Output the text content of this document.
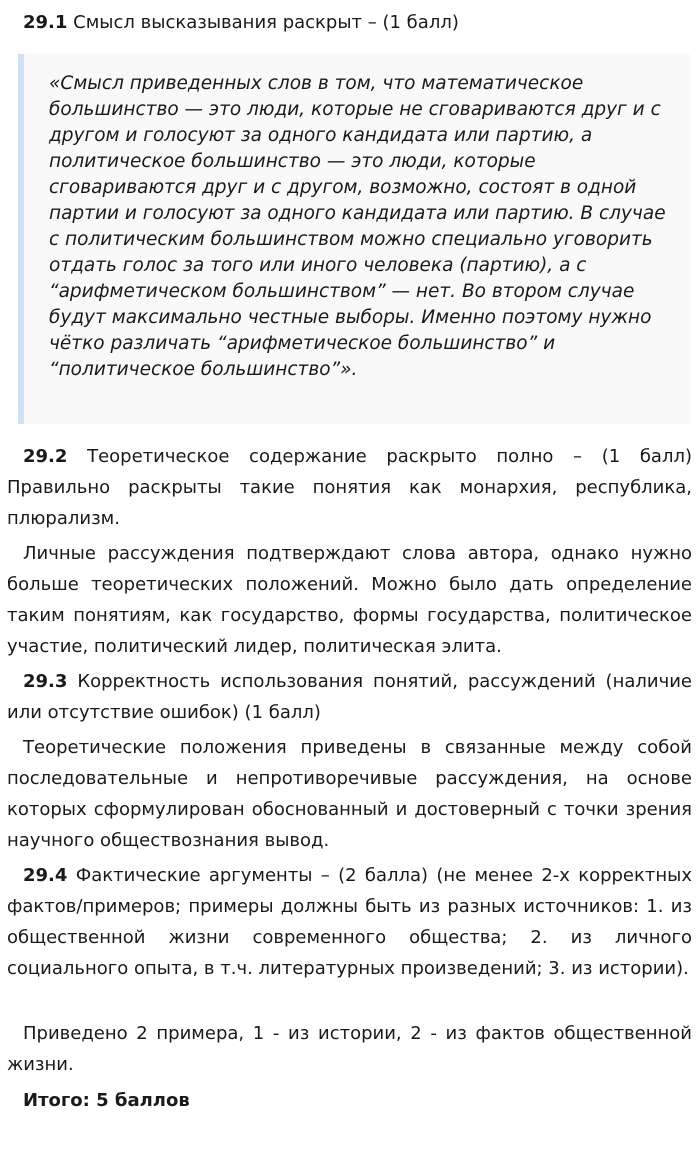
29.1 Смысл высказывания раскрыт – (1 балл)

«Смысл приведенных слов в том, что математическое большинство — это люди, которые не сговариваются друг и с другом и голосуют за одного кандидата или партию, а политическое большинство — это люди, которые сговариваются друг и с другом, возможно, состоят в одной партии и голосуют за одного кандидата или партию. В случае с политическим большинством можно специально уговорить отдать голос за того или иного человека (партию), а с “арифметическом большинством” — нет. Во втором случае будут максимально честные выборы. Именно поэтому нужно чётко различать “арифметическое большинство” и “политическое большинство”».

29.2 Теоретическое содержание раскрыто полно – (1 балл) Правильно раскрыты такие понятия как монархия, республика, плюрализм.

Личные рассуждения подтверждают слова автора, однако нужно больше теоретических положений. Можно было дать определение таким понятиям, как государство, формы государства, политическое участие, политический лидер, политическая элита.

29.3 Корректность использования понятий, рассуждений (наличие или отсутствие ошибок) (1 балл)

Теоретические положения приведены в связанные между собой последовательные и непротиворечивые рассуждения, на основе которых сформулирован обоснованный и достоверный с точки зрения научного обществознания вывод.

29.4 Фактические аргументы – (2 балла) (не менее 2-х корректных фактов/примеров; примеры должны быть из разных источников: 1. из общественной жизни современного общества; 2. из личного социального опыта, в т.ч. литературных произведений; 3. из истории).

Приведено 2 примера, 1 - из истории, 2 - из фактов общественной жизни.

Итого: 5 баллов
